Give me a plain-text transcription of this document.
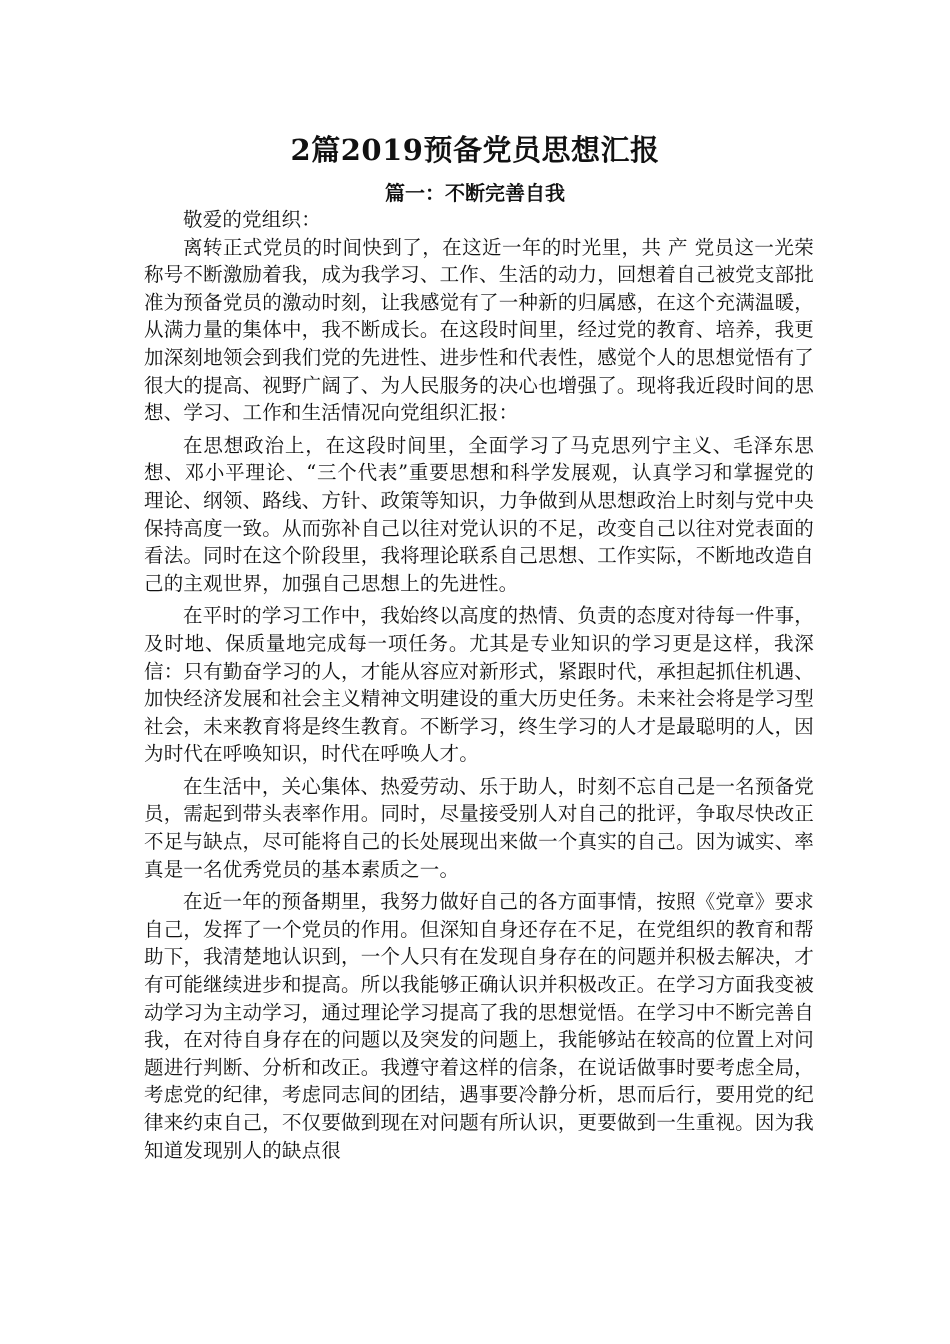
2篇2019预备党员思想汇报
篇一：不断完善自我

敬爱的党组织：

离转正式党员的时间快到了，在这近一年的时光里，共 产 党员这一光荣称号不断激励着我，成为我学习、工作、生活的动力，回想着自己被党支部批准为预备党员的激动时刻，让我感觉有了一种新的归属感，在这个充满温暖，从满力量的集体中，我不断成长。在这段时间里，经过党的教育、培养，我更加深刻地领会到我们党的先进性、进步性和代表性，感觉个人的思想觉悟有了很大的提高、视野广阔了、为人民服务的决心也增强了。现将我近段时间的思想、学习、工作和生活情况向党组织汇报：

在思想政治上，在这段时间里，全面学习了马克思列宁主义、毛泽东思想、邓小平理论、“三个代表”重要思想和科学发展观，认真学习和掌握党的理论、纲领、路线、方针、政策等知识，力争做到从思想政治上时刻与党中央保持高度一致。从而弥补自己以往对党认识的不足，改变自己以往对党表面的看法。同时在这个阶段里，我将理论联系自己思想、工作实际，不断地改造自己的主观世界，加强自己思想上的先进性。

在平时的学习工作中，我始终以高度的热情、负责的态度对待每一件事，及时地、保质量地完成每一项任务。尤其是专业知识的学习更是这样，我深信：只有勤奋学习的人，才能从容应对新形式，紧跟时代，承担起抓住机遇、加快经济发展和社会主义精神文明建设的重大历史任务。未来社会将是学习型社会，未来教育将是终生教育。不断学习，终生学习的人才是最聪明的人，因为时代在呼唤知识，时代在呼唤人才。

在生活中，关心集体、热爱劳动、乐于助人，时刻不忘自己是一名预备党员，需起到带头表率作用。同时，尽量接受别人对自己的批评，争取尽快改正不足与缺点，尽可能将自己的长处展现出来做一个真实的自己。因为诚实、率真是一名优秀党员的基本素质之一。

在近一年的预备期里，我努力做好自己的各方面事情，按照《党章》要求自己，发挥了一个党员的作用。但深知自身还存在不足，在党组织的教育和帮助下，我清楚地认识到，一个人只有在发现自身存在的问题并积极去解决，才有可能继续进步和提高。所以我能够正确认识并积极改正。在学习方面我变被动学习为主动学习，通过理论学习提高了我的思想觉悟。在学习中不断完善自我，在对待自身存在的问题以及突发的问题上，我能够站在较高的位置上对问题进行判断、分析和改正。我遵守着这样的信条，在说话做事时要考虑全局，考虑党的纪律，考虑同志间的团结，遇事要冷静分析，思而后行，要用党的纪律来约束自己，不仅要做到现在对问题有所认识，更要做到一生重视。因为我知道发现别人的缺点很
